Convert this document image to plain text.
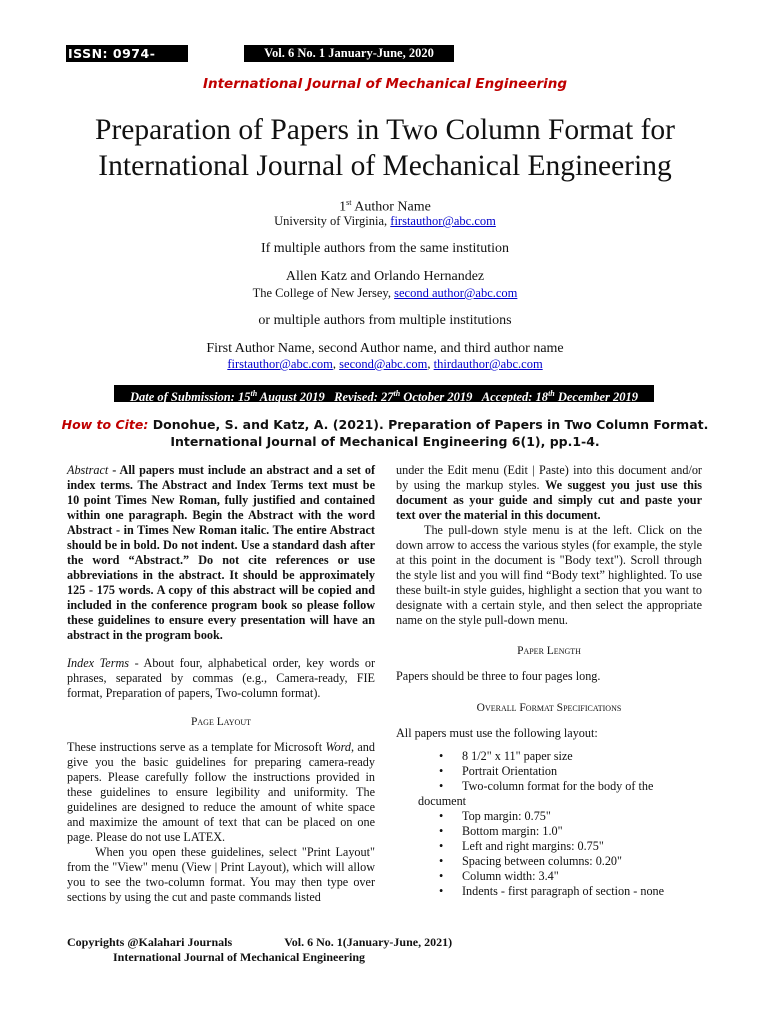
ISSN: 0974-5823
Vol. 6 No. 1 January-June, 2020
International Journal of Mechanical Engineering
Preparation of Papers in Two Column Format for
International Journal of Mechanical Engineering
1st Author Name
University of Virginia, firstauthor@abc.com
If multiple authors from the same institution
Allen Katz and Orlando Hernandez
The College of New Jersey, second author@abc.com
or multiple authors from multiple institutions
First Author Name, second Author name, and third author name
firstauthor@abc.com, second@abc.com, thirdauthor@abc.com
Date of Submission: 15th August 2019 Revised: 27th October 2019 Accepted: 18th December 2019
How to Cite: Donohue, S. and Katz, A. (2021). Preparation of Papers in Two Column Format. International Journal of Mechanical Engineering 6(1), pp.1-4.

Abstract - All papers must include an abstract and a set of index terms. The Abstract and Index Terms text must be 10 point Times New Roman, fully justified and contained within one paragraph. Begin the Abstract with the word Abstract - in Times New Roman italic. The entire Abstract should be in bold. Do not indent. Use a standard dash after the word “Abstract.” Do not cite references or use abbreviations in the abstract. It should be approximately 125 - 175 words. A copy of this abstract will be copied and included in the conference program book so please follow these guidelines to ensure every presentation will have an abstract in the program book.

Index Terms - About four, alphabetical order, key words or phrases, separated by commas (e.g., Camera-ready, FIE format, Preparation of papers, Two-column format).

Page Layout

These instructions serve as a template for Microsoft Word, and give you the basic guidelines for preparing camera-ready papers. Please carefully follow the instructions provided in these guidelines to ensure legibility and uniformity. The guidelines are designed to reduce the amount of white space and maximize the amount of text that can be placed on one page. Please do not use LATEX.

When you open these guidelines, select "Print Layout" from the "View" menu (View | Print Layout), which will allow you to see the two-column format. You may then type over sections by using the cut and paste commands listed

under the Edit menu (Edit | Paste) into this document and/or by using the markup styles. We suggest you just use this document as your guide and simply cut and paste your text over the material in this document.

The pull-down style menu is at the left. Click on the down arrow to access the various styles (for example, the style at this point in the document is "Body text"). Scroll through the style list and you will find “Body text” highlighted. To use these built-in style guides, highlight a section that you want to designate with a certain style, and then select the appropriate name on the style pull-down menu.

Paper Length

Papers should be three to four pages long.

Overall Format Specifications

All papers must use the following layout:

• 8 1/2" x 11" paper size
• Portrait Orientation
• Two-column format for the body of the
document
• Top margin: 0.75"
• Bottom margin: 1.0"
• Left and right margins: 0.75"
• Spacing between columns: 0.20"
• Column width: 3.4"
• Indents - first paragraph of section - none
Copyrights @Kalahari Journals	Vol. 6 No. 1(January-June, 2021)
International Journal of Mechanical Engineering
